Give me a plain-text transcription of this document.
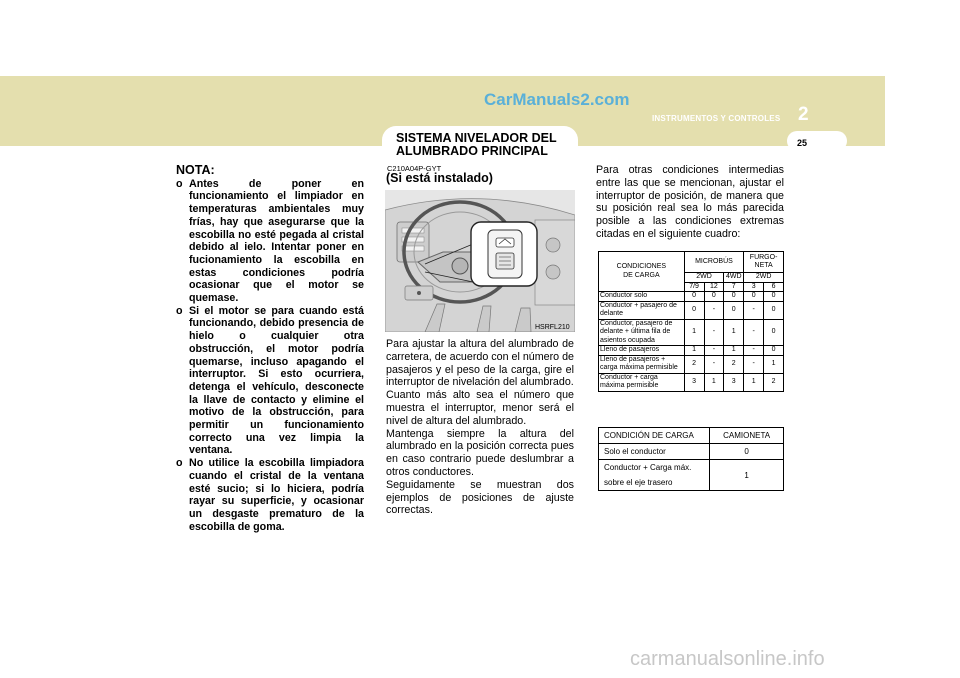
CarManuals2.com
INSTRUMENTOS Y CONTROLES 2
25
SISTEMA NIVELADOR DEL ALUMBRADO PRINCIPAL
NOTA:

o Antes de poner en funcionamiento el limpiador en temperaturas ambientales muy frías, hay que asegurarse que la escobilla no esté pegada al cristal debido al ielo. Intentar poner en fucionamiento la escobilla en estas condiciones podría ocasionar que el motor se quemase.

o Si el motor se para cuando está funcionando, debido presencia de hielo o cualquier otra obstrucción, el motor podría quemarse, incluso apagando el interruptor. Si esto ocurriera, detenga el vehículo, desconecte la llave de contacto y elimine el motivo de la obstrucción, para permitir un funcionamiento correcto una vez limpia la ventana.

o No utilice la escobilla limpiadora cuando el cristal de la ventana esté sucio; si lo hiciera, podría rayar su superficie, y ocasionar un desgaste prematuro de la escobilla de goma.

C210A04P-GYT
(Si está instalado)
HSRFL210

Para ajustar la altura del alumbrado de carretera, de acuerdo con el número de pasajeros y el peso de la carga, gire el interruptor de nivelación del alumbrado.

Cuanto más alto sea el número que muestra el interruptor, menor será el nivel de altura del alumbrado.

Mantenga siempre la altura del alumbrado en la posición correcta pues en caso contrario puede deslumbrar a otros conductores.

Seguidamente se muestran dos ejemplos de posiciones de ajuste correctas.

Para otras condiciones intermedias entre las que se mencionan, ajustar el interruptor de posición, de manera que su posición real sea lo más parecida posible a las condiciones extremas citadas en el siguiente cuadro:
CONDICIONES DE CARGA	MICROBÚS			FURGO-NETA	
	2WD		4WD	2WD	
	7/9	12	7	3	6
Conductor solo	0	0	0	0	0
Conductor + pasajero de delante	0	-	0	-	0
Conductor, pasajero de delante + última fila de asientos ocupada	1	-	1	-	0
Lleno de pasajeros	1	-	1	-	0
Lleno de pasajeros + carga máxima permisible	2	-	2	-	1
Conductor + carga máxima permisible	3	1	3	1	2
CONDICIÓN DE CARGA	CAMIONETA
Solo el conductor	0

Conductor + Carga máx.
sobre el eje trasero	1
carmanualsonline.info
